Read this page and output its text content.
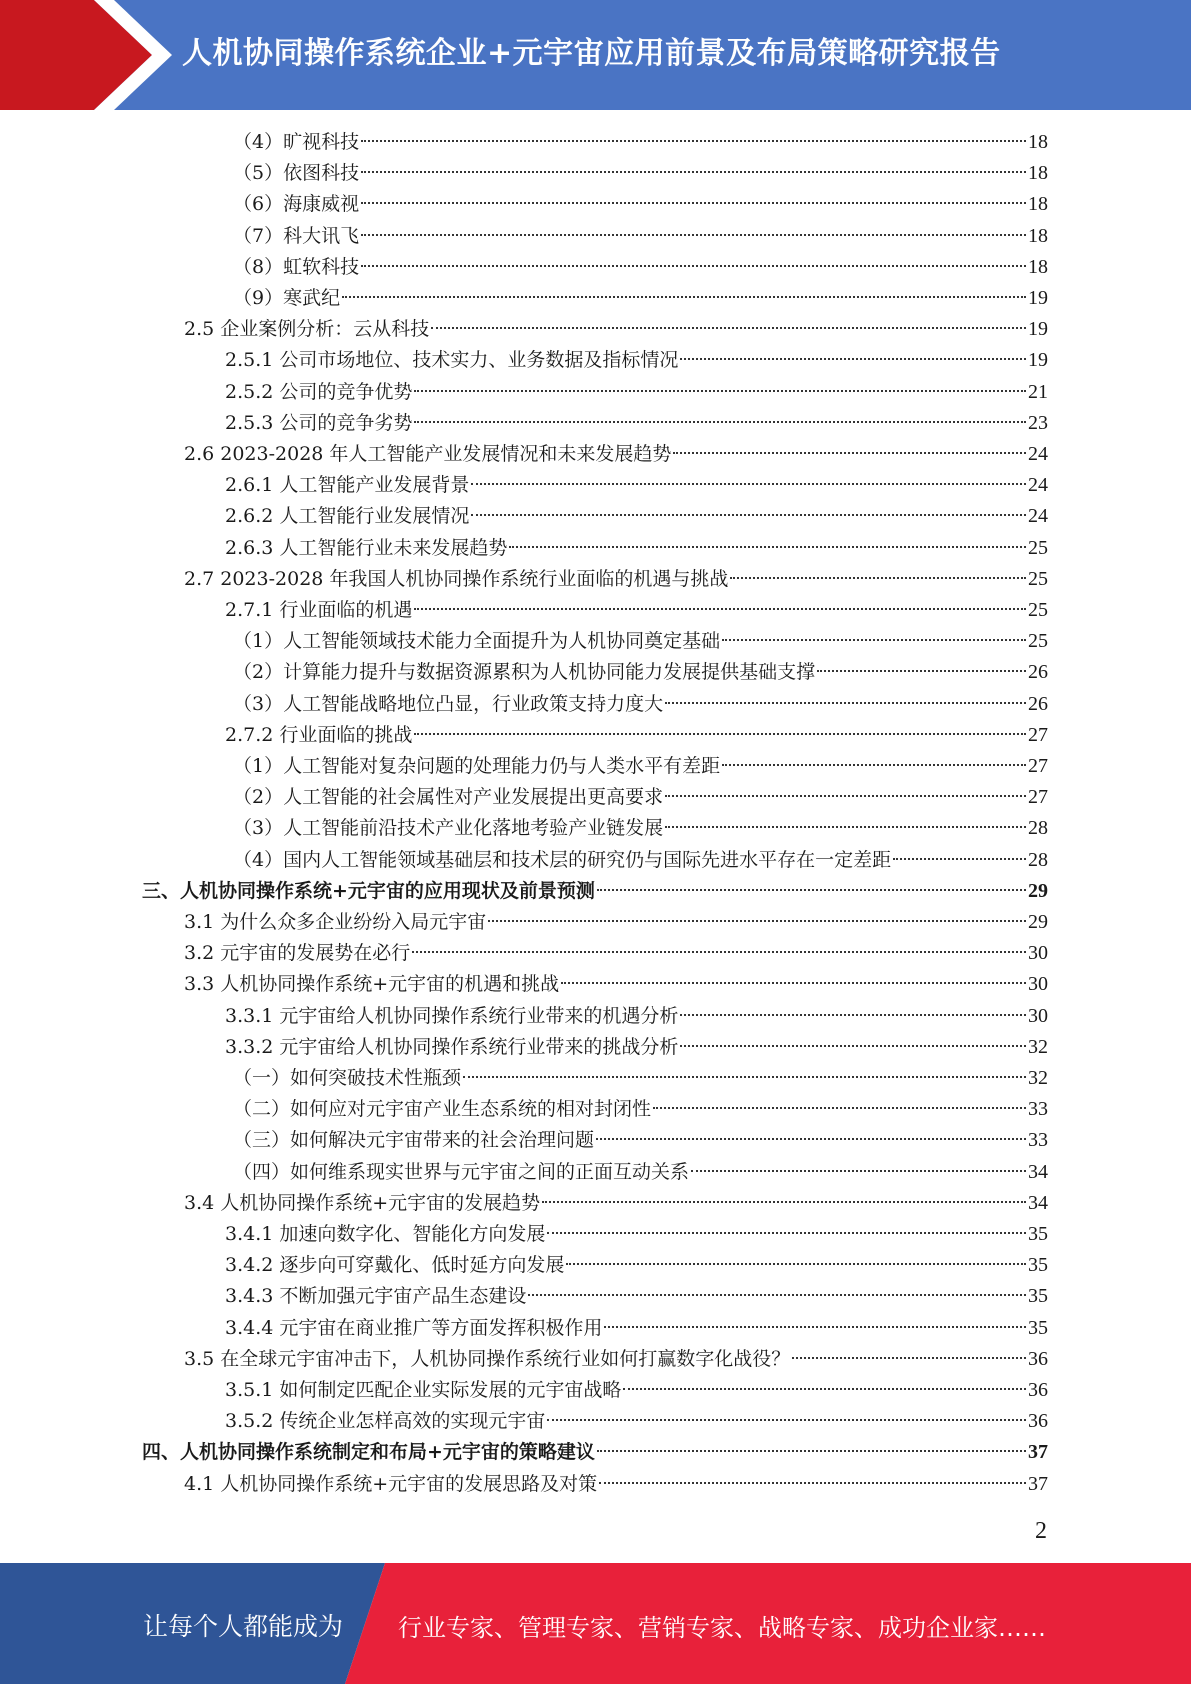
人机协同操作系统企业+元宇宙应用前景及布局策略研究报告
（4）旷视科技	18
（5）依图科技	18
（6）海康威视	18
（7）科大讯飞	18
（8）虹软科技	18
（9）寒武纪	19
2.5 企业案例分析：云从科技	19
2.5.1 公司市场地位、技术实力、业务数据及指标情况	19
2.5.2 公司的竞争优势	21
2.5.3 公司的竞争劣势	23
2.6 2023-2028 年人工智能产业发展情况和未来发展趋势	24
2.6.1 人工智能产业发展背景	24
2.6.2 人工智能行业发展情况	24
2.6.3 人工智能行业未来发展趋势	25
2.7 2023-2028 年我国人机协同操作系统行业面临的机遇与挑战	25
2.7.1 行业面临的机遇	25
（1）人工智能领域技术能力全面提升为人机协同奠定基础	25
（2）计算能力提升与数据资源累积为人机协同能力发展提供基础支撑	26
（3）人工智能战略地位凸显，行业政策支持力度大	26
2.7.2 行业面临的挑战	27
（1）人工智能对复杂问题的处理能力仍与人类水平有差距	27
（2）人工智能的社会属性对产业发展提出更高要求	27
（3）人工智能前沿技术产业化落地考验产业链发展	28
（4）国内人工智能领域基础层和技术层的研究仍与国际先进水平存在一定差距	28
三、人机协同操作系统+元宇宙的应用现状及前景预测	29
3.1 为什么众多企业纷纷入局元宇宙	29
3.2 元宇宙的发展势在必行	30
3.3 人机协同操作系统+元宇宙的机遇和挑战	30
3.3.1 元宇宙给人机协同操作系统行业带来的机遇分析	30
3.3.2 元宇宙给人机协同操作系统行业带来的挑战分析	32
（一）如何突破技术性瓶颈	32
（二）如何应对元宇宙产业生态系统的相对封闭性	33
（三）如何解决元宇宙带来的社会治理问题	33
（四）如何维系现实世界与元宇宙之间的正面互动关系	34
3.4 人机协同操作系统+元宇宙的发展趋势	34
3.4.1 加速向数字化、智能化方向发展	35
3.4.2 逐步向可穿戴化、低时延方向发展	35
3.4.3 不断加强元宇宙产品生态建设	35
3.4.4 元宇宙在商业推广等方面发挥积极作用	35
3.5 在全球元宇宙冲击下，人机协同操作系统行业如何打赢数字化战役？	36
3.5.1 如何制定匹配企业实际发展的元宇宙战略	36
3.5.2 传统企业怎样高效的实现元宇宙	36
四、人机协同操作系统制定和布局+元宇宙的策略建议	37
4.1 人机协同操作系统+元宇宙的发展思路及对策	37
2
让每个人都能成为 行业专家、管理专家、营销专家、战略专家、成功企业家……
